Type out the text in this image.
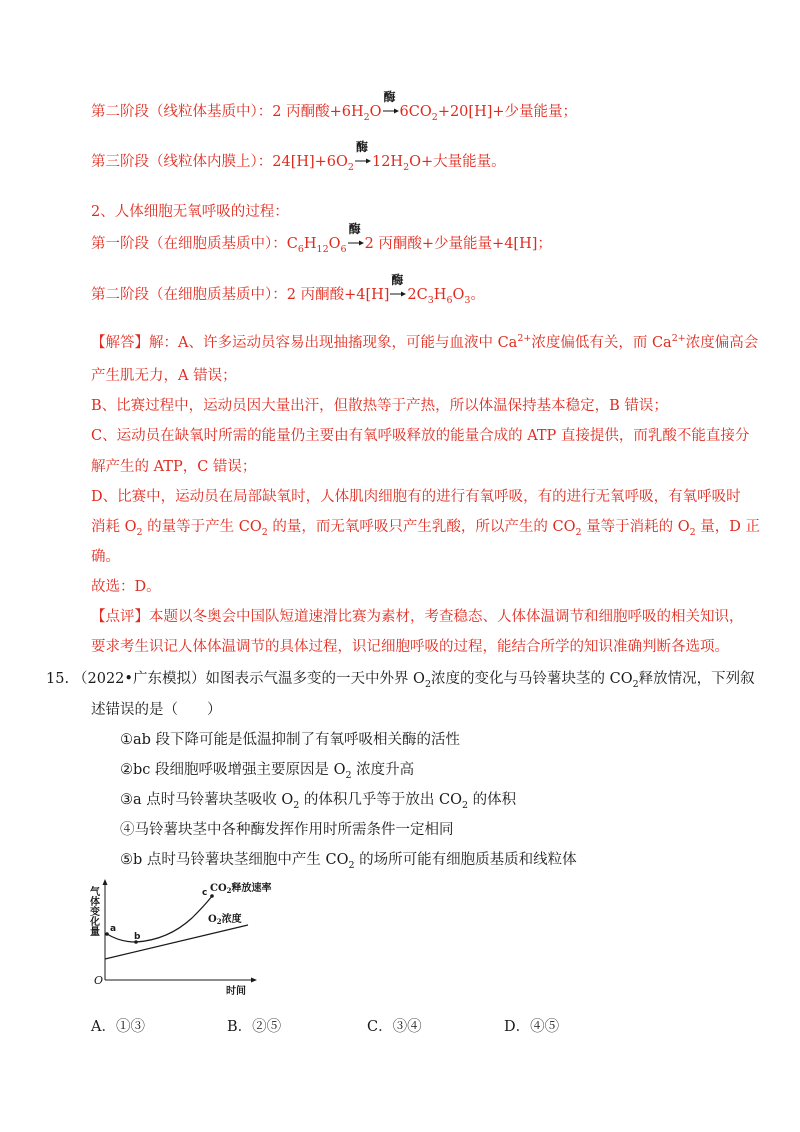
第二阶段（线粒体基质中）：2 丙酮酸$+6H_2O$
酶
$6CO_2+20[H]+$少量能量；
第三阶段（线粒体内膜上）：$24[H]+6O_2$
酶
$12H_2O+$大量能量。
2、人体细胞无氧呼吸的过程：
第一阶段（在细胞质基质中）：$C_6H_{12}O_6$
酶
2 丙酮酸+少量能量+4[H]；
第二阶段（在细胞质基质中）：2 丙酮酸+4[H]
酶
$2C_3H_6O_3$。
【解答】解：A、许多运动员容易出现抽搐现象，可能与血液中 $Ca^{2+}$浓度偏低有关，而 $Ca^{2+}$浓度偏高会
产生肌无力，A 错误；
B、比赛过程中，运动员因大量出汗，但散热等于产热，所以体温保持基本稳定，B 错误；
C、运动员在缺氧时所需的能量仍主要由有氧呼吸释放的能量合成的 ATP 直接提供，而乳酸不能直接分
解产生的 ATP，C 错误；
D、比赛中，运动员在局部缺氧时，人体肌肉细胞有的进行有氧呼吸，有的进行无氧呼吸，有氧呼吸时
消耗 $O_2$ 的量等于产生 $CO_2$ 的量，而无氧呼吸只产生乳酸，所以产生的 $CO_2$ 量等于消耗的 $O_2$ 量，D 正
确。
故选：D。
【点评】本题以冬奥会中国队短道速滑比赛为素材，考查稳态、人体体温调节和细胞呼吸的相关知识，
要求考生识记人体体温调节的具体过程，识记细胞呼吸的过程，能结合所学的知识准确判断各选项。
15. （2022•广东模拟）如图表示气温多变的一天中外界 $O_2$浓度的变化与马铃薯块茎的 $CO_2$释放情况，下列叙
述错误的是（　　）
①ab 段下降可能是低温抑制了有氧呼吸相关酶的活性
②bc 段细胞呼吸增强主要原因是 $O_2$ 浓度升高
③a 点时马铃薯块茎吸收 $O_2$ 的体积几乎等于放出 $CO_2$ 的体积
④马铃薯块茎中各种酶发挥作用时所需条件一定相同
⑤b 点时马铃薯块茎细胞中产生 $CO_2$ 的场所可能有细胞质基质和线粒体
气体变化量
O
时间
a
b
c $CO_2$释放速率
$O_2$浓度
A．①③	B．②⑤	C．③④	D．④⑤
